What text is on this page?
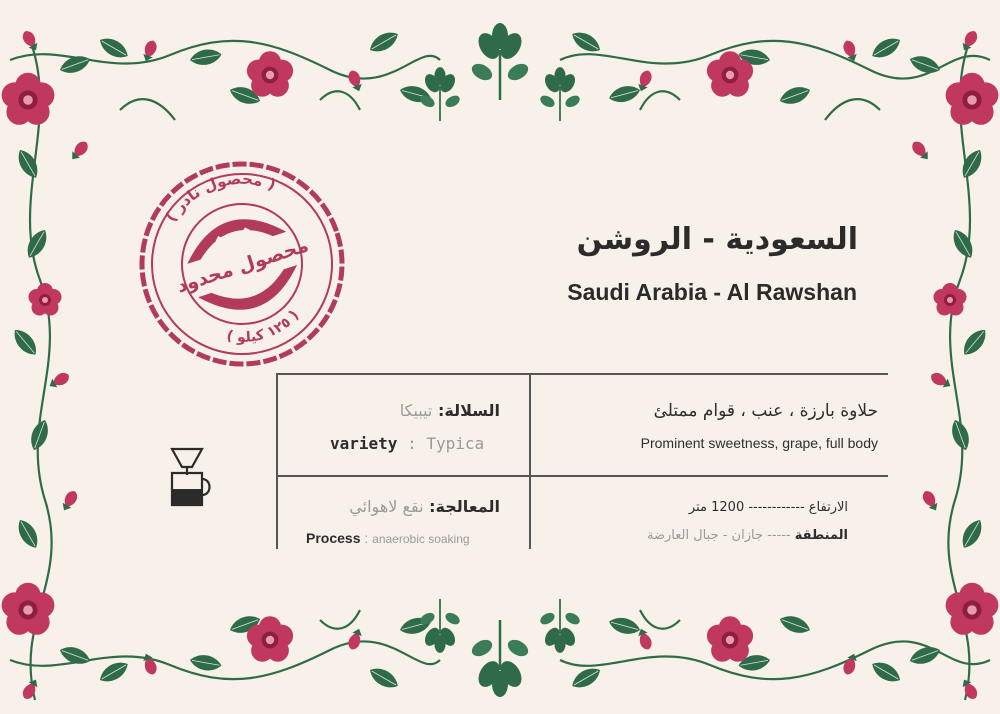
محصول محدود
( محصول نادر )
( ١٢٥ كيلو )
السعودية - الروشن
Saudi Arabia - Al Rawshan
السلالة: تيبيكا
variety : Typica
حلاوة بارزة ، عنب ، قوام ممتلئ
Prominent sweetness, grape, full body
المعالجة: نقع لاهوائي
Process : anaerobic soaking
الارتفاع ------------ 1200 متر
المنطقة ----- جازان - جبال العارضة
